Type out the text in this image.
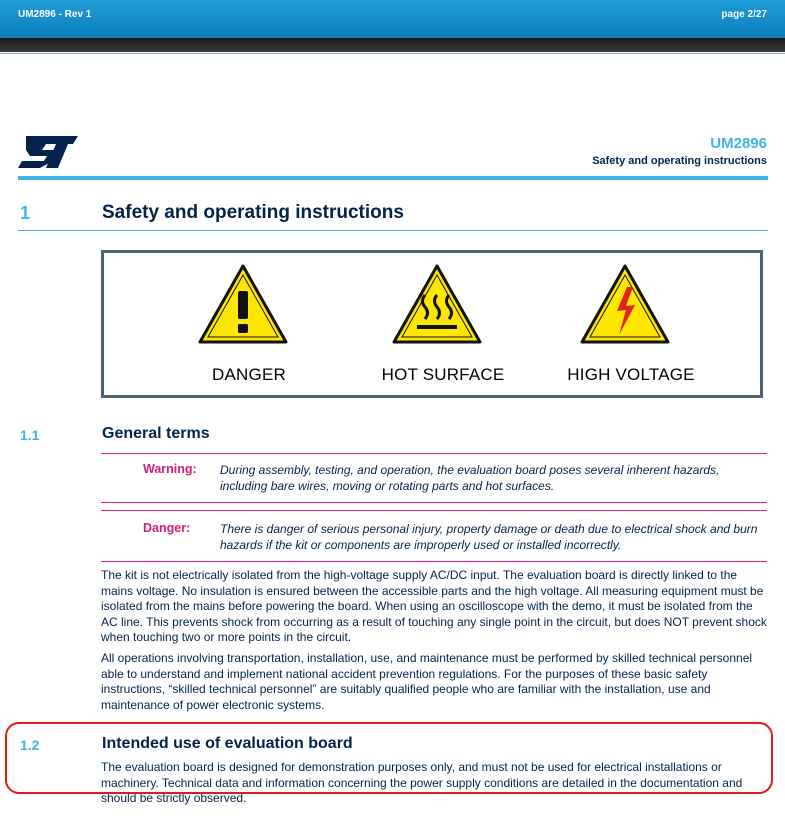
UM2896 - Rev 1	page 2/27
UM2896
Safety and operating instructions
1	Safety and operating instructions
DANGER	HOT SURFACE	HIGH VOLTAGE
1.1	General terms
Warning: During assembly, testing, and operation, the evaluation board poses several inherent hazards, including bare wires, moving or rotating parts and hot surfaces.
Danger: There is danger of serious personal injury, property damage or death due to electrical shock and burn hazards if the kit or components are improperly used or installed incorrectly.
The kit is not electrically isolated from the high-voltage supply AC/DC input. The evaluation board is directly linked to the mains voltage. No insulation is ensured between the accessible parts and the high voltage. All measuring equipment must be isolated from the mains before powering the board. When using an oscilloscope with the demo, it must be isolated from the AC line. This prevents shock from occurring as a result of touching any single point in the circuit, but does NOT prevent shock when touching two or more points in the circuit.
All operations involving transportation, installation, use, and maintenance must be performed by skilled technical personnel able to understand and implement national accident prevention regulations. For the purposes of these basic safety instructions, “skilled technical personnel” are suitably qualified people who are familiar with the installation, use and maintenance of power electronic systems.
1.2	Intended use of evaluation board
The evaluation board is designed for demonstration purposes only, and must not be used for electrical installations or machinery. Technical data and information concerning the power supply conditions are detailed in the documentation and should be strictly observed.
